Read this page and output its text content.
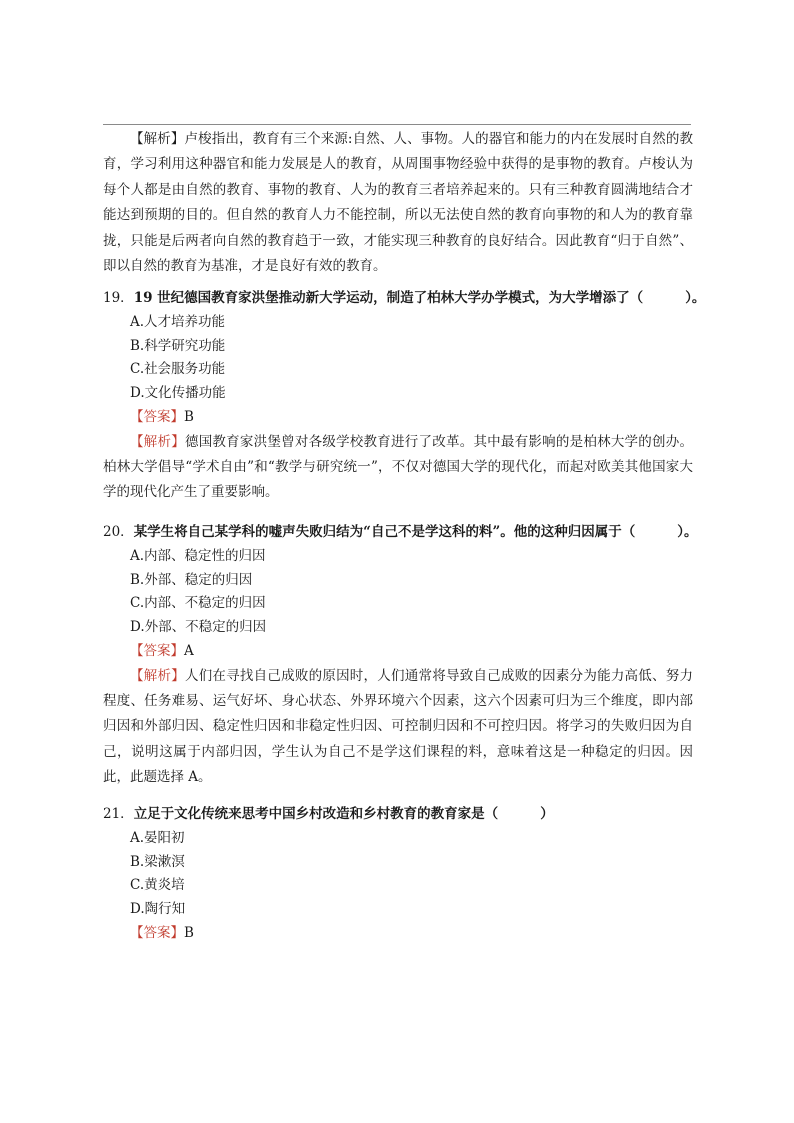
【解析】卢梭指出，教育有三个来源:自然、人、事物。人的器官和能力的内在发展时自然的教育，学习利用这种器官和能力发展是人的教育，从周围事物经验中获得的是事物的教育。卢梭认为每个人都是由自然的教育、事物的教育、人为的教育三者培养起来的。只有三种教育圆满地结合才能达到预期的目的。但自然的教育人力不能控制，所以无法使自然的教育向事物的和人为的教育靠拢，只能是后两者向自然的教育趋于一致，才能实现三种教育的良好结合。因此教育“归于自然”、即以自然的教育为基准，才是良好有效的教育。

19．19 世纪德国教育家洪堡推动新大学运动，制造了柏林大学办学模式，为大学增添了（	）。

A.人才培养功能

B.科学研究功能

C.社会服务功能

D.文化传播功能

【答案】B

【解析】德国教育家洪堡曾对各级学校教育进行了改革。其中最有影响的是柏林大学的创办。柏林大学倡导“学术自由”和“教学与研究统一”，不仅对德国大学的现代化，而起对欧美其他国家大学的现代化产生了重要影响。

20．某学生将自己某学科的嘘声失败归结为“自己不是学这科的料”。他的这种归因属于（	）。

A.内部、稳定性的归因

B.外部、稳定的归因

C.内部、不稳定的归因

D.外部、不稳定的归因

【答案】A

【解析】人们在寻找自己成败的原因时，人们通常将导致自己成败的因素分为能力高低、努力程度、任务难易、运气好坏、身心状态、外界环境六个因素，这六个因素可归为三个维度，即内部归因和外部归因、稳定性归因和非稳定性归因、可控制归因和不可控归因。将学习的失败归因为自己，说明这属于内部归因，学生认为自己不是学这们课程的料，意味着这是一种稳定的归因。因此，此题选择 A。

21．立足于文化传统来思考中国乡村改造和乡村教育的教育家是（	）

A.晏阳初

B.梁漱溟

C.黄炎培

D.陶行知

【答案】B
